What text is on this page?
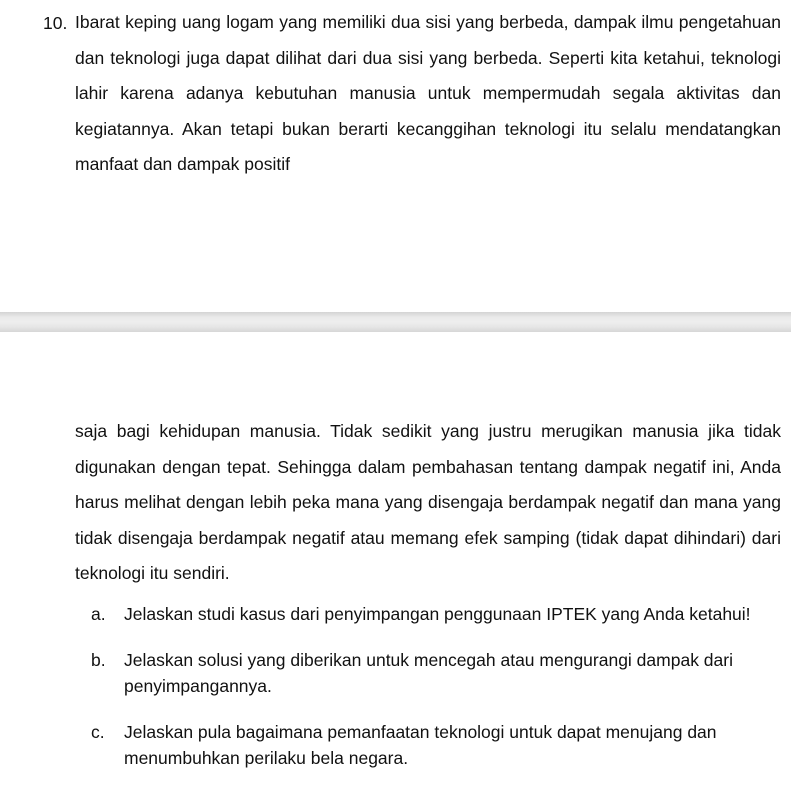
10. Ibarat keping uang logam yang memiliki dua sisi yang berbeda, dampak ilmu pengetahuan dan teknologi juga dapat dilihat dari dua sisi yang berbeda. Seperti kita ketahui, teknologi lahir karena adanya kebutuhan manusia untuk mempermudah segala aktivitas dan kegiatannya. Akan tetapi bukan berarti kecanggihan teknologi itu selalu mendatangkan manfaat dan dampak positif

saja bagi kehidupan manusia. Tidak sedikit yang justru merugikan manusia jika tidak digunakan dengan tepat. Sehingga dalam pembahasan tentang dampak negatif ini, Anda harus melihat dengan lebih peka mana yang disengaja berdampak negatif dan mana yang tidak disengaja berdampak negatif atau memang efek samping (tidak dapat dihindari) dari teknologi itu sendiri.

a. Jelaskan studi kasus dari penyimpangan penggunaan IPTEK yang Anda ketahui!
b. Jelaskan solusi yang diberikan untuk mencegah atau mengurangi dampak dari penyimpangannya.
c. Jelaskan pula bagaimana pemanfaatan teknologi untuk dapat menujang dan menumbuhkan perilaku bela negara.
